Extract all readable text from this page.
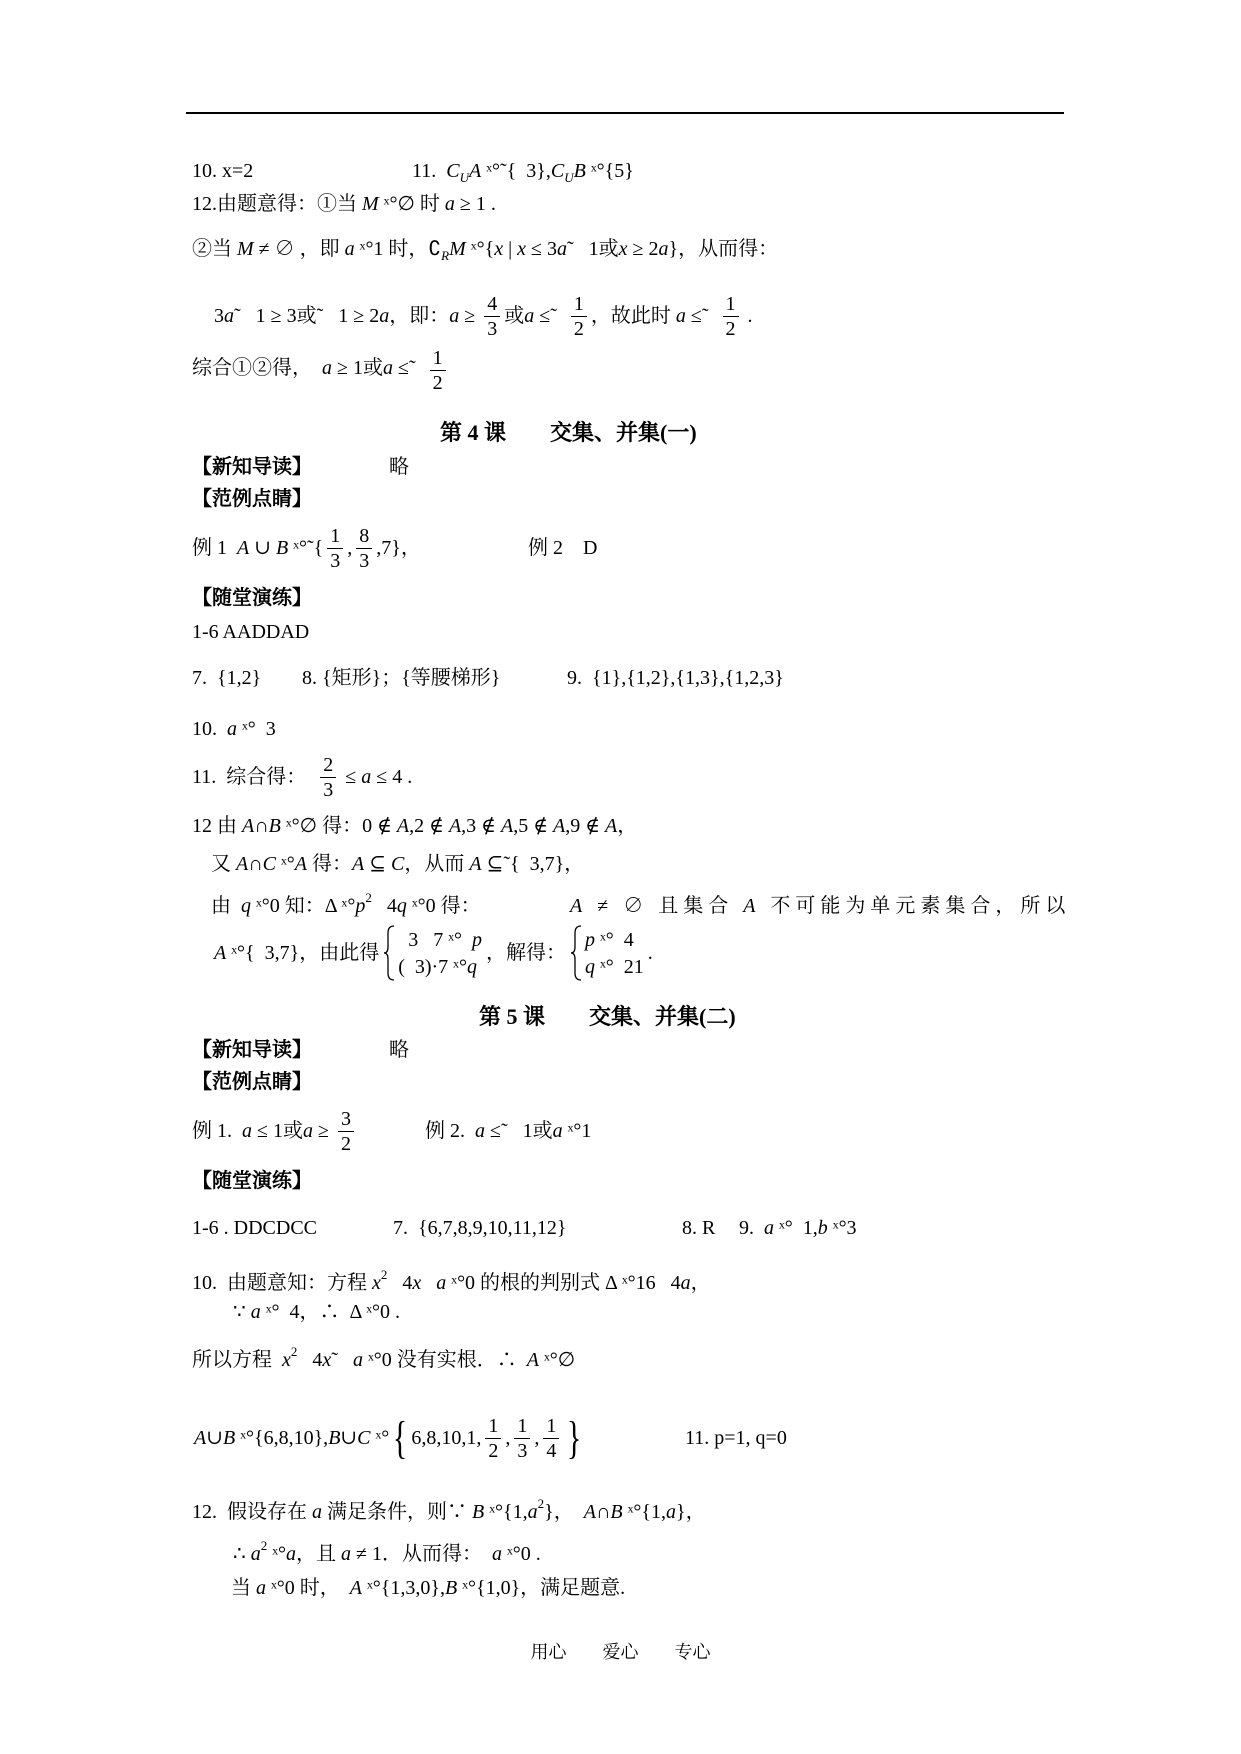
10. x=2	11. C U A ˣ°˜{  3}, C U B ˣ°{5}
12.由题意得：①当 M ˣ°∅ 时 a ≥ 1 .
②当 M ≠ ∅ ，即 a ˣ°1 时，∁ R M ˣ°{ x | x ≤ 3 a ˜   1或 x ≥ 2 a }，从而得：
3 a ˜   1 ≥ 3或˜   1 ≥ 2 a ，即： $a \ge \frac{4}{3}$ 或 a ≤˜ $\frac{1}{2}$ ，故此时 a ≤˜ $\frac{1}{2}$ .
综合①②得， a ≥ 1或 a ≤˜ $\frac{1}{2}$
第 4 课　　交集、并集(一)
【新知导读】	略
【范例点睛】
例 1 A ∪ B ˣ°˜{ $\frac{1}{3}$ , $\frac{8}{3} ,7$}，	例 2　D
【随堂演练】
1-6 AADDAD
7.  {1,2} 8. {矩形}；{等腰梯形}	9.  {1},{1,2},{1,3},{1,2,3}
10. a ˣ°  3
11.  综合得： $\frac{2}{3} \le a \le 4$ .
12 由 A ∩ B ˣ°∅ 得：0 ∉ A ,2 ∉ A ,3 ∉ A ,5 ∉ A ,9 ∉ A ，
又 A ∩ C ˣ° A 得： A ⊆ C ，从而 A ⊆˜{  3,7}，
由 q ˣ°0 知：Δ ˣ° p 2 4 q ˣ°0 得：	A ≠ ∅ 且集合 A 不可能为单元素集合，所以
A ˣ°{  3,7}，由此得
3   7 ˣ° p
(  3)·7 ˣ° q
，解得：
p ˣ°  4
q ˣ°  21
.
第 5 课　　交集、并集(二)
【新知导读】	略
【范例点睛】
例 1. a ≤ 1或 $a \ge \frac{3}{2}$	例 2. a ≤˜   1或 a ˣ°1
【随堂演练】
1-6 . DDCDCC	7.  {6,7,8,9,10,11,12}	8. R 9. a ˣ°  1, b ˣ°3
10.  由题意知：方程 x 2 4 x
a ˣ°0 的根的判别式 Δ ˣ°16   4 a ，
∵ a ˣ°  4，∴  Δ ˣ°0 .
所以方程 x 2 4 x ˜ a ˣ°0 没有实根．∴ A ˣ°∅
A ∪ B ˣ°{6,8,10}, B ∪ C ˣ° { 6,8,10,1, $\frac{1}{2}$ , $\frac{1}{3}$ , $\frac{1}{4}$ }	11. p=1, q=0
12.  假设存在 a 满足条件，则∵ B ˣ°{1, a 2 }， A ∩ B ˣ°{1, a }，
∴ a 2 ˣ° a ，且 a ≠ 1．从而得： a ˣ°0 .
当 a ˣ°0 时， A ˣ°{1,3,0}, B ˣ°{1,0}，满足题意.
用心　　爱心　　专心
